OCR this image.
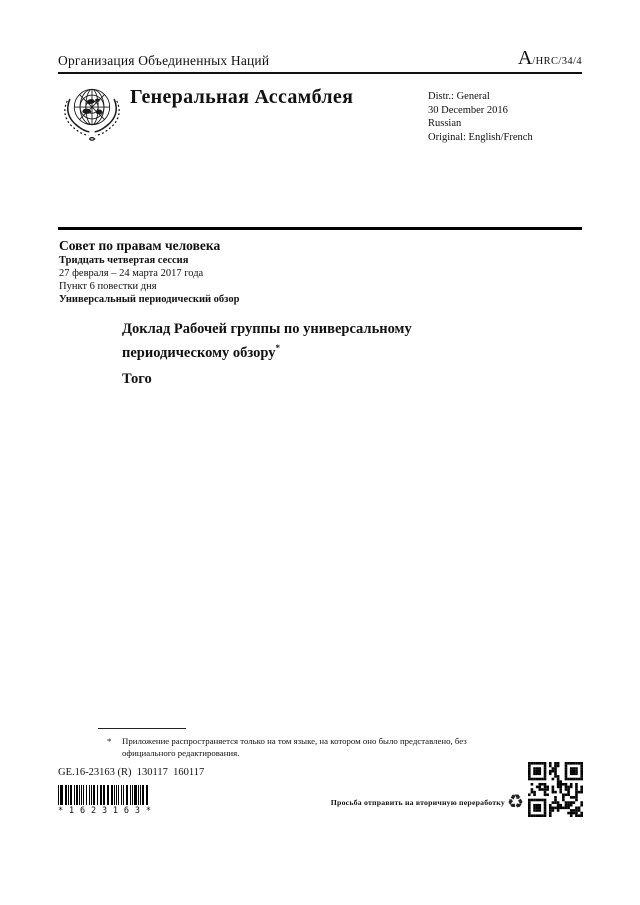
Организация Объединенных Наций	A/HRC/34/4
Генеральная Ассамблея	Distr.: General
30 December 2016
Russian
Original: English/French
Совет по правам человека
Тридцать четвертая сессия
27 февраля – 24 марта 2017 года
Пункт 6 повестки дня
Универсальный периодический обзор
Доклад Рабочей группы по универсальному периодическому обзору*
Того
*	Приложение распространяется только на том языке, на котором оно было представлено, без официального редактирования.
GE.16-23163 (R)  130117  160117
* 1 6 2 3 1 6 3 *
Просьба отправить на вторичную переработку ♻
